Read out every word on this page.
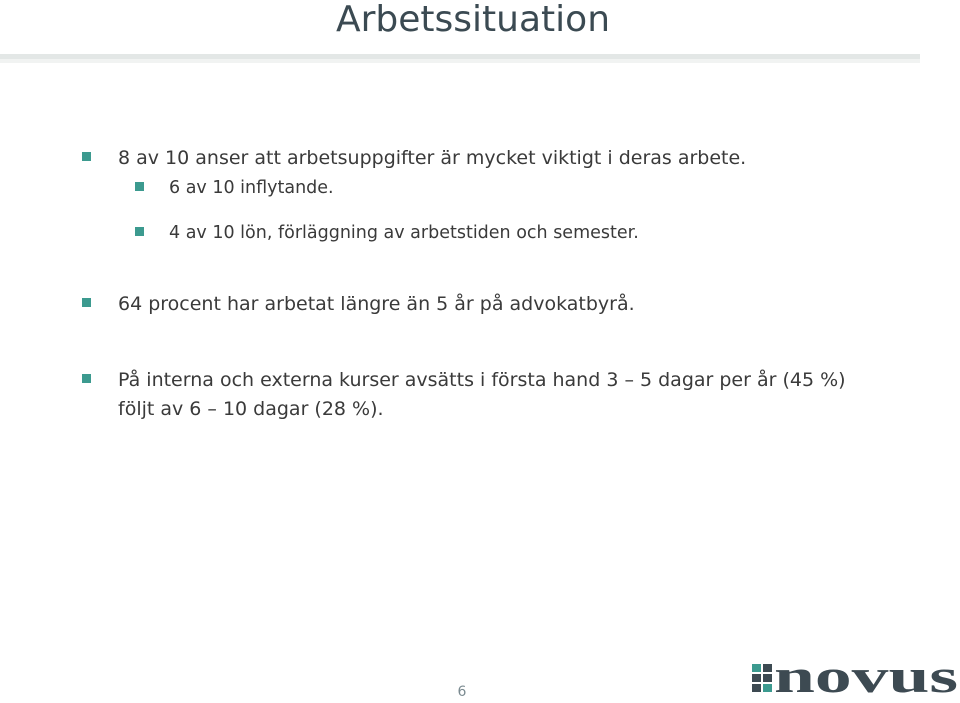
Arbetssituation
8 av 10 anser att arbetsuppgifter är mycket viktigt i deras arbete.
6 av 10 inflytande.
4 av 10 lön, förläggning av arbetstiden och semester.
64 procent har arbetat längre än 5 år på advokatbyrå.
På interna och externa kurser avsätts i första hand 3 – 5 dagar per år (45 %) följt av 6 – 10 dagar (28 %).
6	novus
